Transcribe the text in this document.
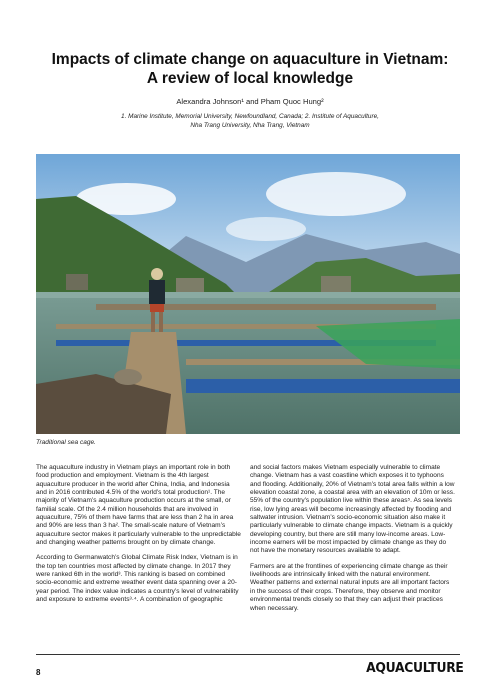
Impacts of climate change on aquaculture in Vietnam:
A review of local knowledge
Alexandra Johnson¹ and Pham Quoc Hung²
1. Marine Institute, Memorial University, Newfoundland, Canada; 2. Institute of Aquaculture,
Nha Trang University, Nha Trang, Vietnam
Traditional sea cage.

The aquaculture industry in Vietnam plays an important role in both food production and employment. Vietnam is the 4th largest aquaculture producer in the world after China, India, and Indonesia and in 2016 contributed 4.5% of the world’s total production¹. The majority of Vietnam’s aquaculture production occurs at the small, or familial scale. Of the 2.4 million households that are involved in aquaculture, 75% of them have farms that are less than 2 ha in area and 90% are less than 3 ha². The small-scale nature of Vietnam’s aquaculture sector makes it particularly vulnerable to the unpredictable and changing weather patterns brought on by climate change.

According to Germanwatch’s Global Climate Risk Index, Vietnam is in the top ten countries most affected by climate change. In 2017 they were ranked 6th in the world³. This ranking is based on combined socio-economic and extreme weather event data spanning over a 20-year period. The index value indicates a country’s level of vulnerability and exposure to extreme events³·⁴. A combination of geographic

and social factors makes Vietnam especially vulnerable to climate change. Vietnam has a vast coastline which exposes it to typhoons and flooding. Additionally, 20% of Vietnam’s total area falls within a low elevation coastal zone, a coastal area with an elevation of 10m or less. 55% of the country’s population live within these areas⁵. As sea levels rise, low lying areas will become increasingly affected by flooding and saltwater intrusion. Vietnam’s socio-economic situation also make it particularly vulnerable to climate change impacts. Vietnam is a quickly developing country, but there are still many low-income areas. Low-income earners will be most impacted by climate change as they do not have the monetary resources available to adapt.

Farmers are at the frontlines of experiencing climate change as their livelihoods are intrinsically linked with the natural environment. Weather patterns and external natural inputs are all important factors in the success of their crops. Therefore, they observe and monitor environmental trends closely so that they can adjust their practices when necessary.

8	AQUACULTURE
